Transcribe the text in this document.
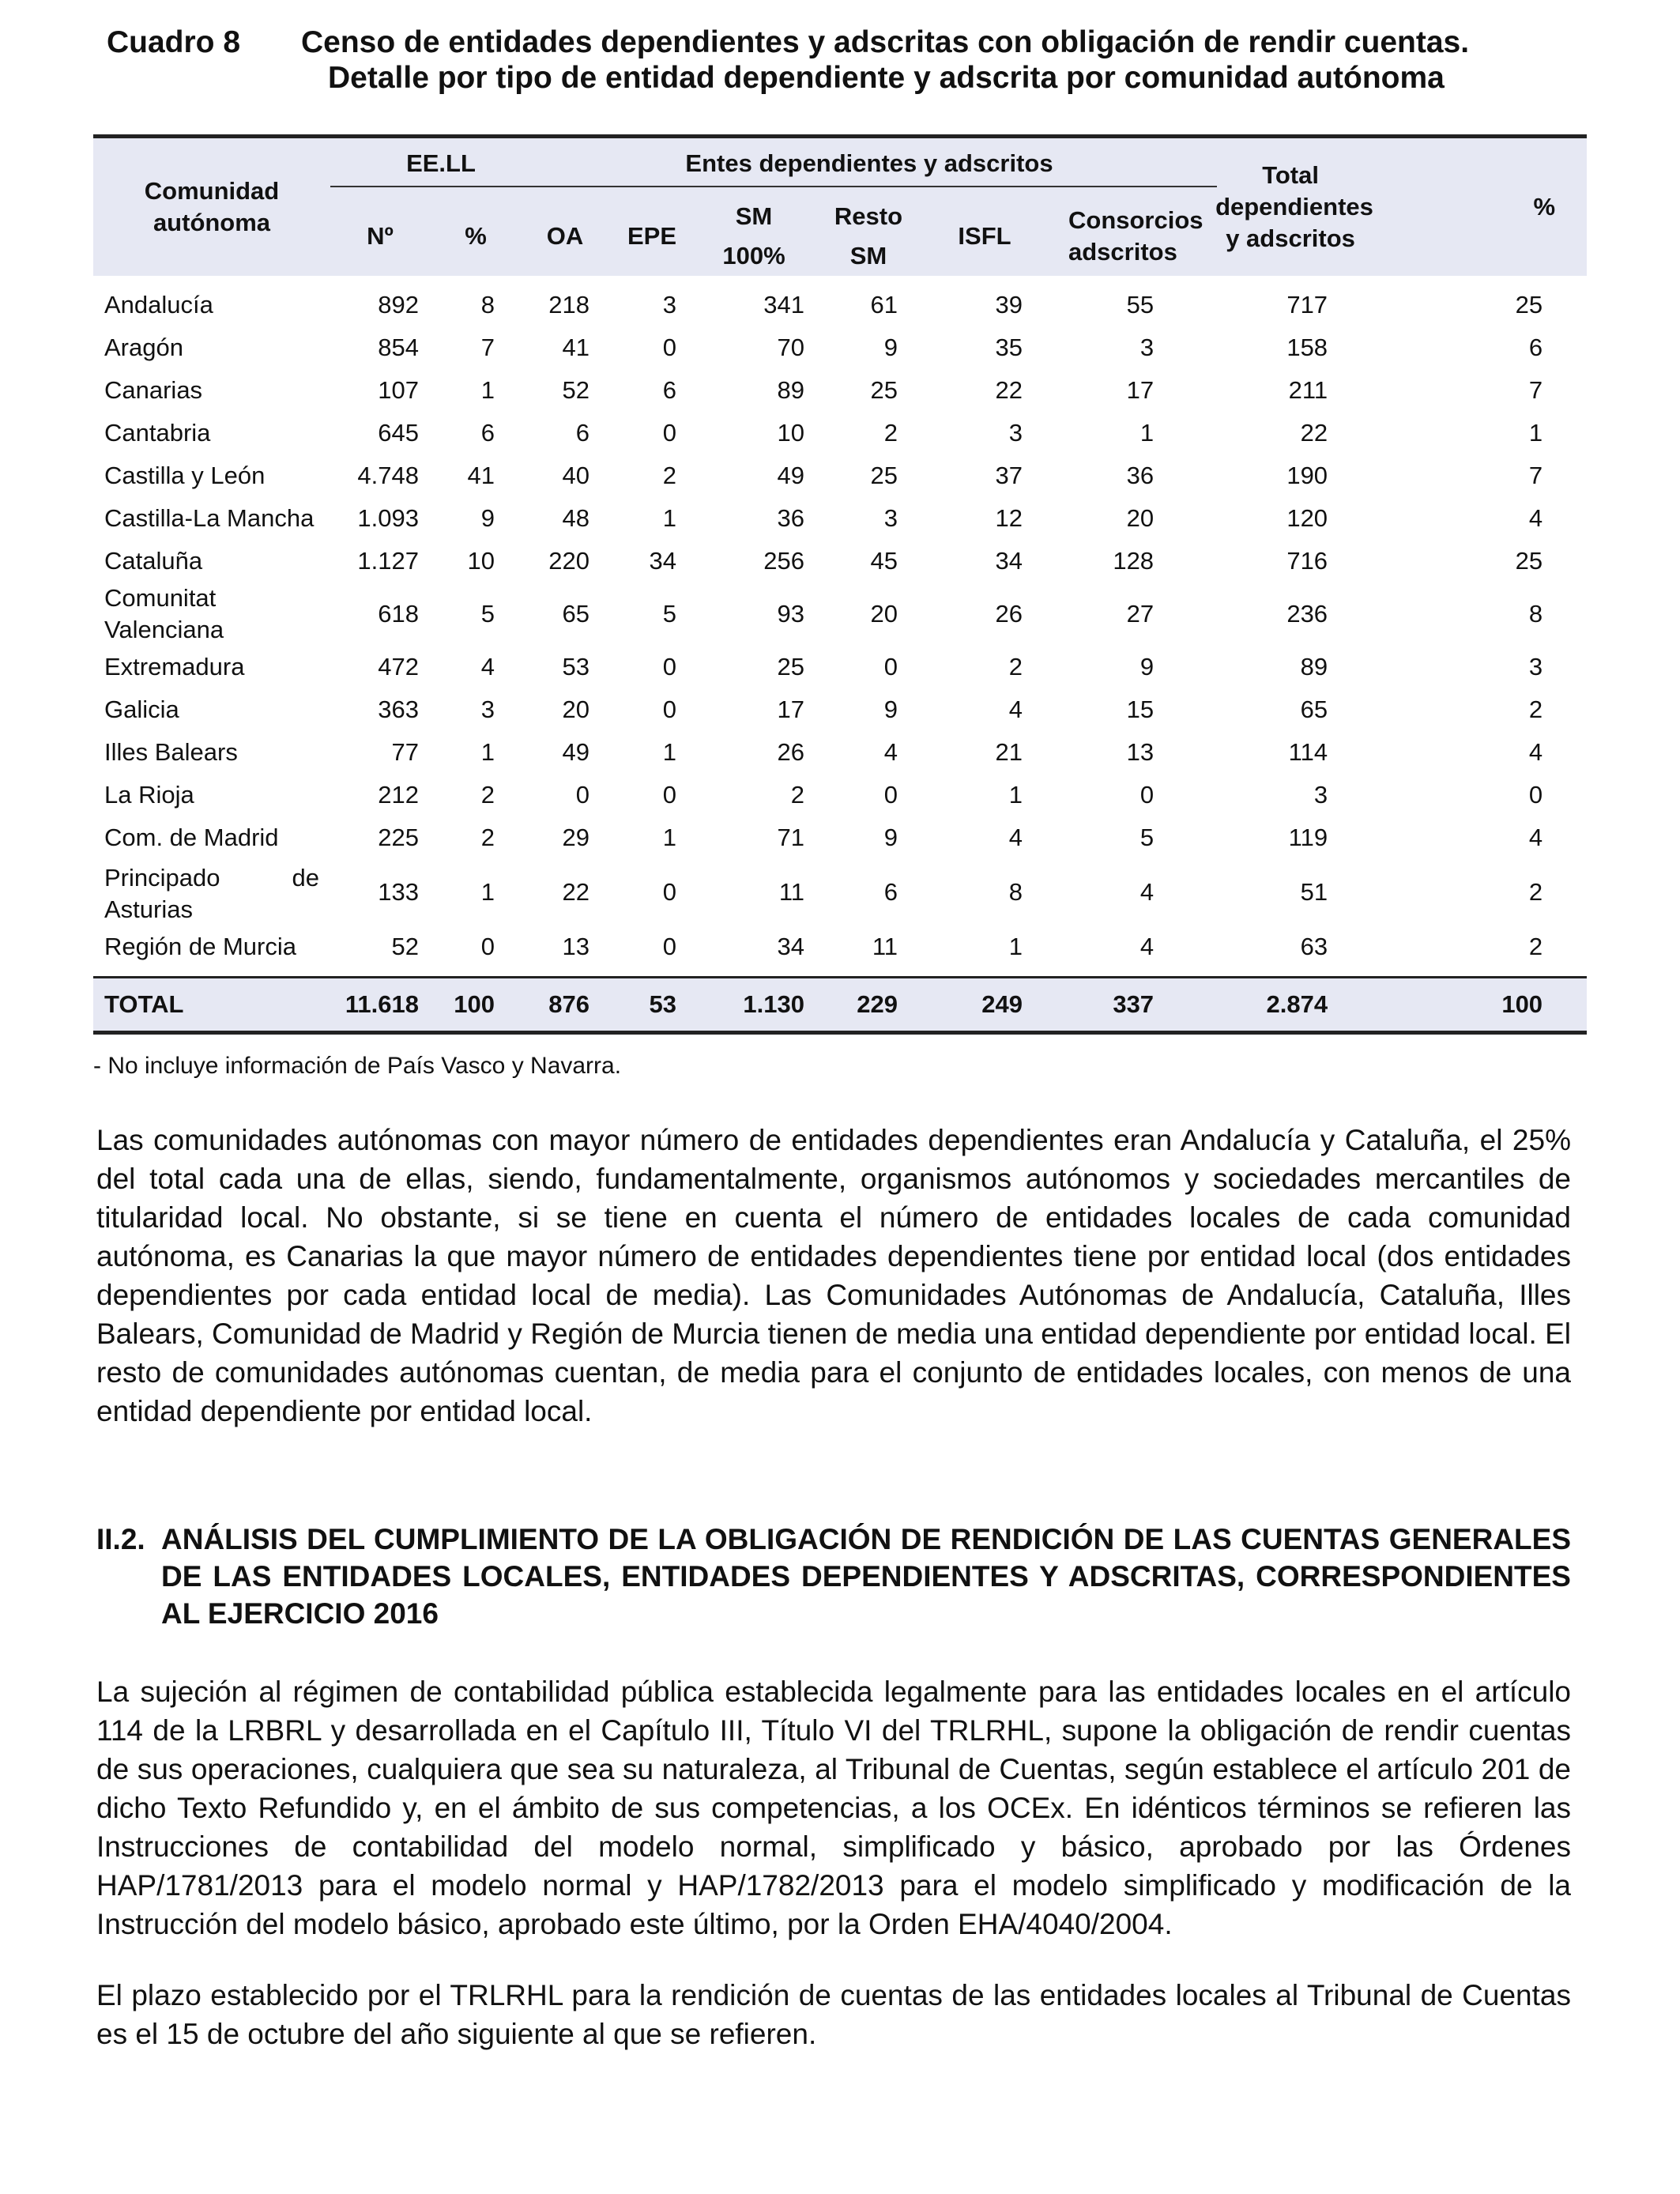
Cuadro 8 Censo de entidades dependientes y adscritas con obligación de rendir cuentas.
Detalle por tipo de entidad dependiente y adscrita por comunidad autónoma
Comunidad autónoma	EE.LL		Entes dependientes y adscritos						Total dependientes y adscritos	%
	Nº	%	OA	EPE	SM	Resto	ISFL	Consorcios adscritos		
					100%	SM				
Andalucía	892	8	218	3	341	61	39	55	717	25
Aragón	854	7	41	0	70	9	35	3	158	6
Canarias	107	1	52	6	89	25	22	17	211	7
Cantabria	645	6	6	0	10	2	3	1	22	1
Castilla y León	4.748	41	40	2	49	25	37	36	190	7
Castilla-La Mancha	1.093	9	48	1	36	3	12	20	120	4
Cataluña	1.127	10	220	34	256	45	34	128	716	25
Comunitat Valenciana	618	5	65	5	93	20	26	27	236	8
Extremadura	472	4	53	0	25	0	2	9	89	3
Galicia	363	3	20	0	17	9	4	15	65	2
Illes Balears	77	1	49	1	26	4	21	13	114	4
La Rioja	212	2	0	0	2	0	1	0	3	0
Com. de Madrid	225	2	29	1	71	9	4	5	119	4
Principado de Asturias	133	1	22	0	11	6	8	4	51	2
Región de Murcia	52	0	13	0	34	11	1	4	63	2
TOTAL	11.618	100	876	53	1.130	229	249	337	2.874	100
- No incluye información de País Vasco y Navarra.
Las comunidades autónomas con mayor número de entidades dependientes eran Andalucía y Cataluña, el 25% del total cada una de ellas, siendo, fundamentalmente, organismos autónomos y sociedades mercantiles de titularidad local. No obstante, si se tiene en cuenta el número de entidades locales de cada comunidad autónoma, es Canarias la que mayor número de entidades dependientes tiene por entidad local (dos entidades dependientes por cada entidad local de media). Las Comunidades Autónomas de Andalucía, Cataluña, Illes Balears, Comunidad de Madrid y Región de Murcia tienen de media una entidad dependiente por entidad local. El resto de comunidades autónomas cuentan, de media para el conjunto de entidades locales, con menos de una entidad dependiente por entidad local.
II.2. ANÁLISIS DEL CUMPLIMIENTO DE LA OBLIGACIÓN DE RENDICIÓN DE LAS CUENTAS GENERALES DE LAS ENTIDADES LOCALES, ENTIDADES DEPENDIENTES Y ADSCRITAS, CORRESPONDIENTES AL EJERCICIO 2016
La sujeción al régimen de contabilidad pública establecida legalmente para las entidades locales en el artículo 114 de la LRBRL y desarrollada en el Capítulo III, Título VI del TRLRHL, supone la obligación de rendir cuentas de sus operaciones, cualquiera que sea su naturaleza, al Tribunal de Cuentas, según establece el artículo 201 de dicho Texto Refundido y, en el ámbito de sus competencias, a los OCEx. En idénticos términos se refieren las Instrucciones de contabilidad del modelo normal, simplificado y básico, aprobado por las Órdenes HAP/1781/2013 para el modelo normal y HAP/1782/2013 para el modelo simplificado y modificación de la Instrucción del modelo básico, aprobado este último, por la Orden EHA/4040/2004.
El plazo establecido por el TRLRHL para la rendición de cuentas de las entidades locales al Tribunal de Cuentas es el 15 de octubre del año siguiente al que se refieren.
